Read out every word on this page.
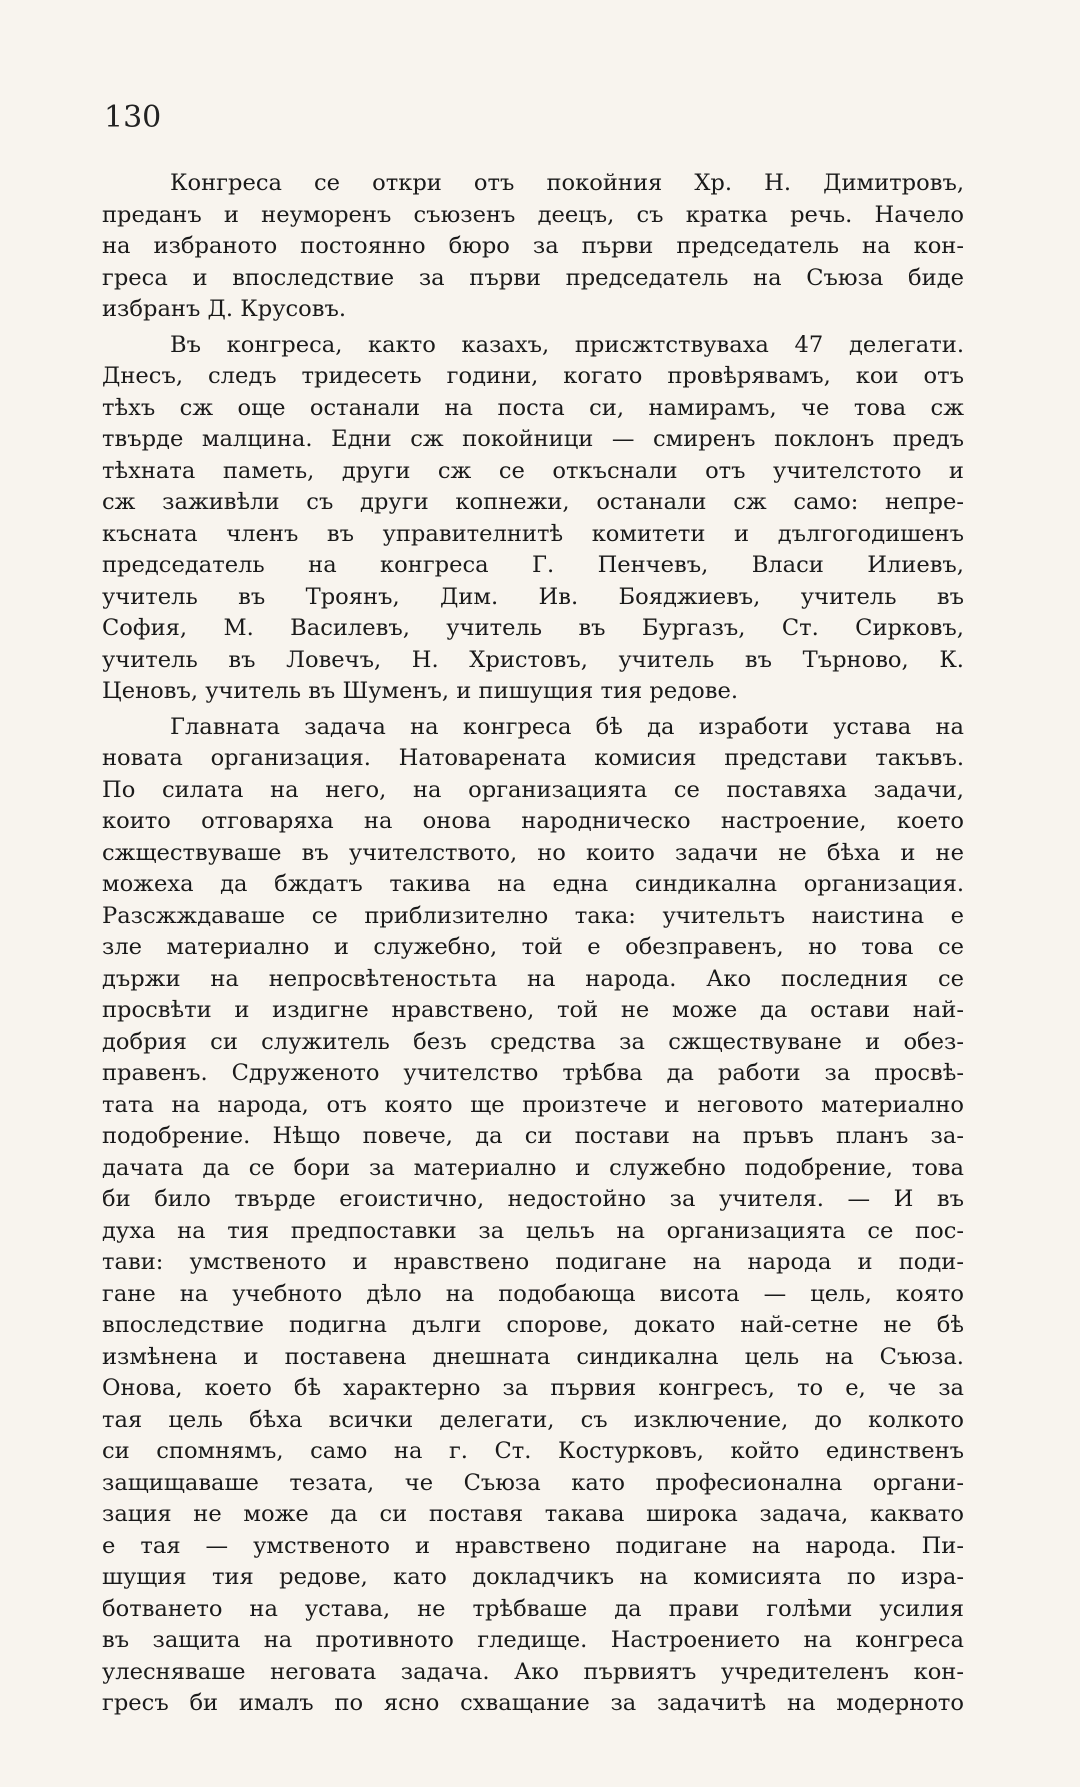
130
Конгреса се откри отъ покойния Хр. Н. Димитровъ,
преданъ и неуморенъ съюзенъ деецъ, съ кратка речь. Начело
на избраното постоянно бюро за първи председатель на кон-
греса и впоследствие за първи председатель на Съюза биде
избранъ Д. Крусовъ.
Въ конгреса, както казахъ, присжтствуваха 47 делегати.
Днесъ, следъ тридесеть години, когато провѣрявамъ, кои отъ
тѣхъ сж още останали на поста си, намирамъ, че това сж
твърде малцина. Едни сж покойници — смиренъ поклонъ предъ
тѣхната паметь, други сж се откъснали отъ учителстото и
сж заживѣли съ други копнежи, останали сж само: непре-
късната членъ въ управителнитѣ комитети и дългогодишенъ
председатель на конгреса Г. Пенчевъ, Власи Илиевъ,
учитель въ Троянъ, Дим. Ив. Бояджиевъ, учитель въ
София, М. Василевъ, учитель въ Бургазъ, Ст. Сирковъ,
учитель въ Ловечъ, Н. Христовъ, учитель въ Търново, К.
Ценовъ, учитель въ Шуменъ, и пишущия тия редове.
Главната задача на конгреса бѣ да изработи устава на
новата организация. Натоварената комисия представи такъвъ.
По силата на него, на организацията се поставяха задачи,
които отговаряха на онова народническо настроение, което
сжществуваше въ учителството, но които задачи не бѣха и не
можеха да бждатъ такива на една синдикална организация.
Разсжждаваше се приблизително така: учительтъ наистина е
зле материално и служебно, той е обезправенъ, но това се
държи на непросвѣтеностьта на народа. Ако последния се
просвѣти и издигне нравствено, той не може да остави най-
добрия си служитель безъ средства за сжществуване и обез-
правенъ. Сдруженото учителство трѣбва да работи за просвѣ-
тата на народа, отъ която ще произтече и неговото материално
подобрение. Нѣщо повече, да си постави на пръвъ планъ за-
дачата да се бори за материално и служебно подобрение, това
би било твърде егоистично, недостойно за учителя. — И въ
духа на тия предпоставки за цельъ на организацията се пос-
тави: умственото и нравствено подигане на народа и поди-
гане на учебното дѣло на подобающа висота — цель, която
впоследствие подигна дълги спорове, докато най-сетне не бѣ
измѣнена и поставена днешната синдикална цель на Съюза.
Онова, което бѣ характерно за първия конгресъ, то е, че за
тая цель бѣха всички делегати, съ изключение, до колкото
си спомнямъ, само на г. Ст. Костурковъ, който единственъ
защищаваше тезата, че Съюза като професионална органи-
зация не може да си поставя такава широка задача, каквато
е тая — умственото и нравствено подигане на народа. Пи-
шущия тия редове, като докладчикъ на комисията по изра-
ботването на устава, не трѣбваше да прави голѣми усилия
въ защита на противното гледище. Настроението на конгреса
улесняваше неговата задача. Ако първиятъ учредителенъ кон-
гресъ би ималъ по ясно схващание за задачитѣ на модерното
